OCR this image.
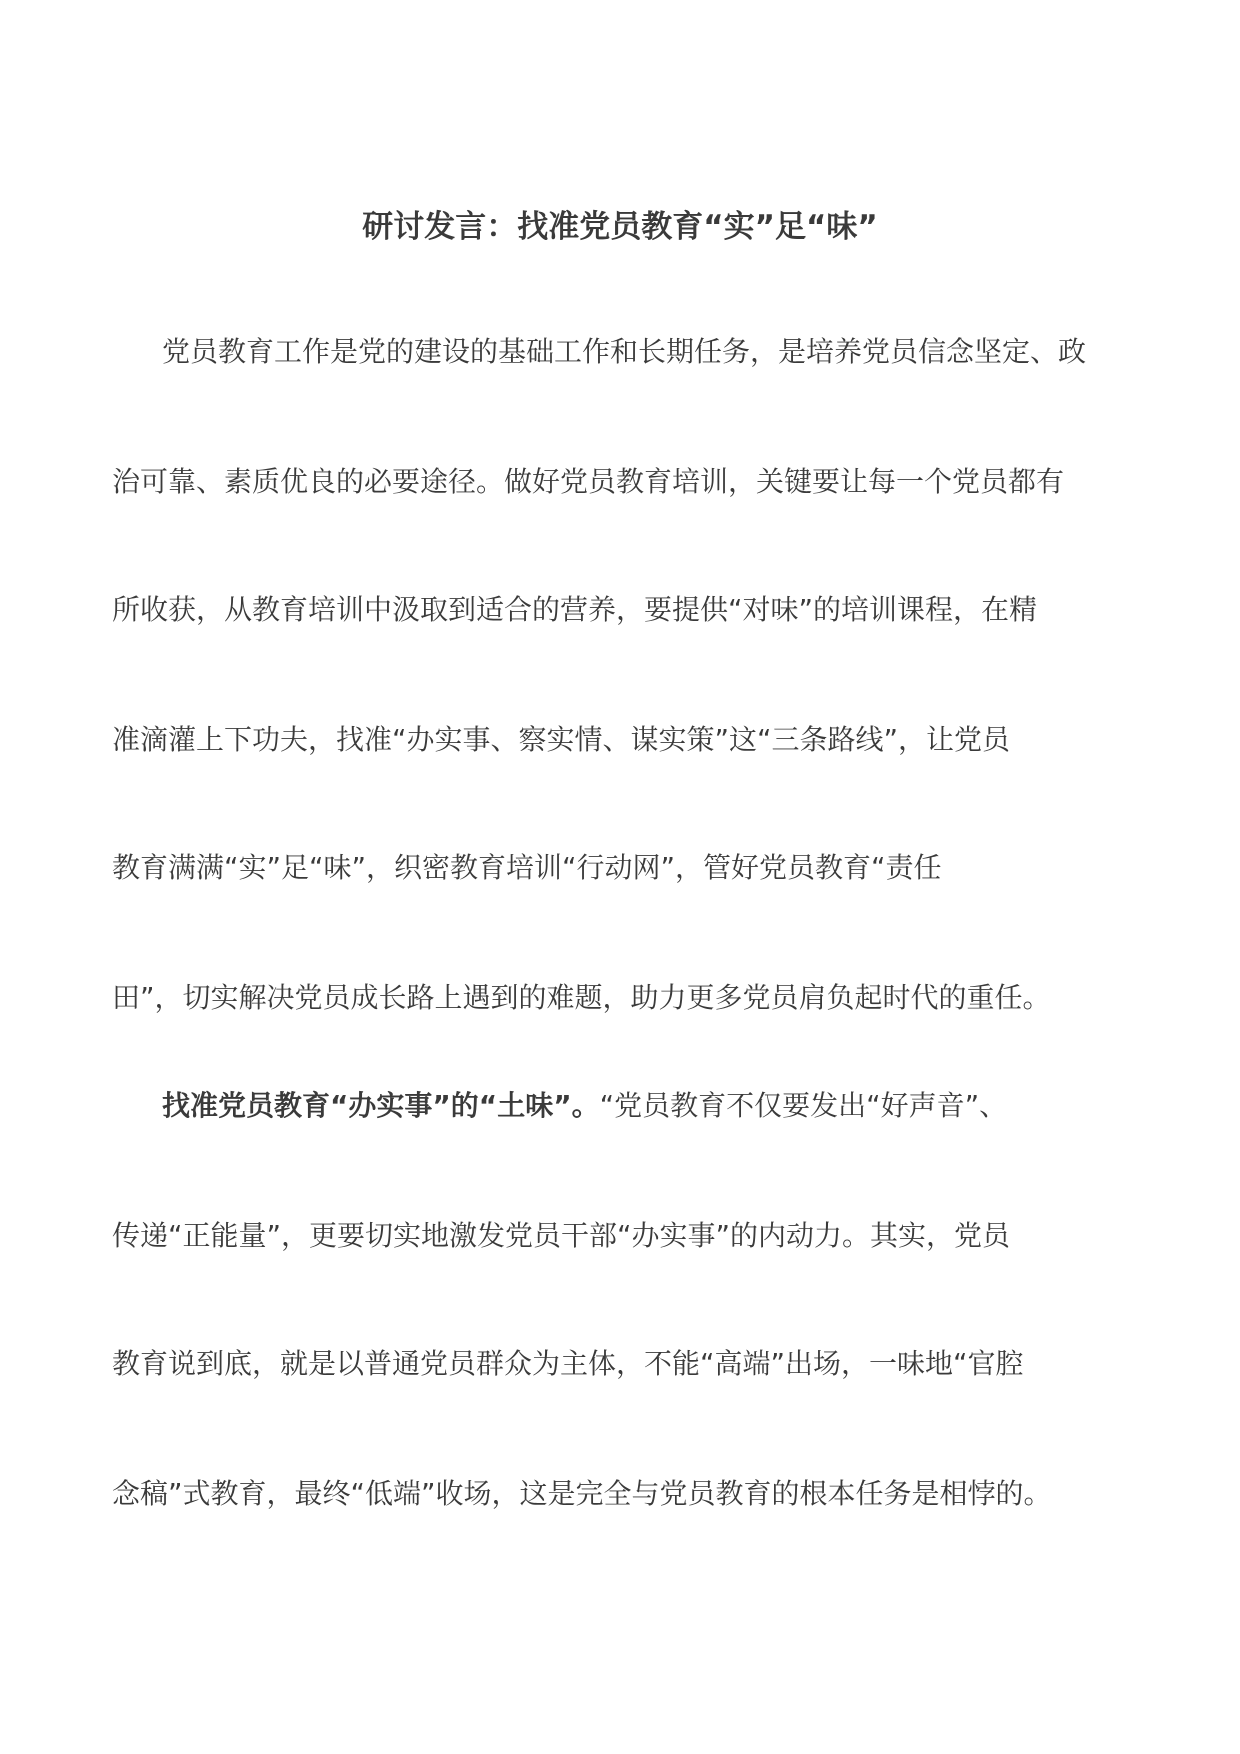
研讨发言：找准党员教育“实”足“味”

党员教育工作是党的建设的基础工作和长期任务，是培养党员信念坚定、政

治可靠、素质优良的必要途径。做好党员教育培训，关键要让每一个党员都有

所收获，从教育培训中汲取到适合的营养，要提供“对味”的培训课程，在精

准滴灌上下功夫，找准“办实事、察实情、谋实策”这“三条路线”，让党员

教育满满“实”足“味”，织密教育培训“行动网”，管好党员教育“责任

田”，切实解决党员成长路上遇到的难题，助力更多党员肩负起时代的重任。

找准党员教育“办实事”的“土味”。“党员教育不仅要发出“好声音”、

传递“正能量”，更要切实地激发党员干部“办实事”的内动力。其实，党员

教育说到底，就是以普通党员群众为主体，不能“高端”出场，一味地“官腔

念稿”式教育，最终“低端”收场，这是完全与党员教育的根本任务是相悖的。
